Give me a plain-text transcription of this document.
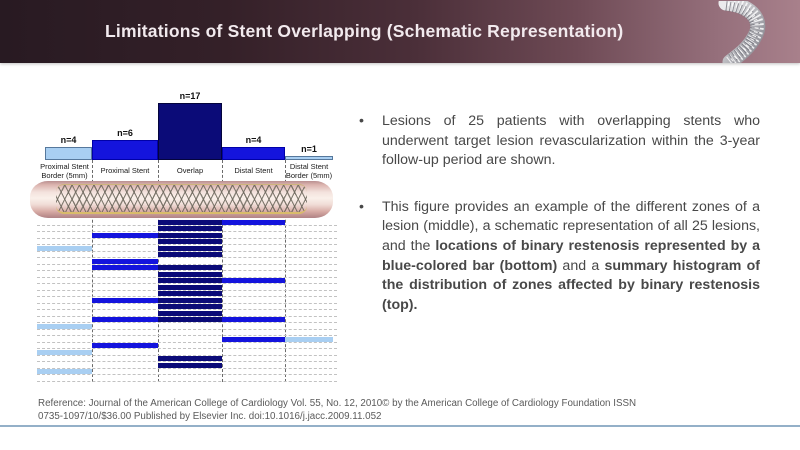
Limitations of Stent Overlapping (Schematic Representation)
n=4
n=6
n=17
n=4
n=1
Proximal Stent Border (5mm)	Proximal Stent	Overlap	Distal Stent	Distal Stent Border (5mm)
•	Lesions of 25 patients with overlapping stents who underwent target lesion revascularization within the 3-year follow-up period are shown.
•	This figure provides an example of the different zones of a lesion (middle), a schematic representation of all 25 lesions, and the locations of binary restenosis represented by a blue-colored bar (bottom) and a summary histogram of the distribution of zones affected by binary restenosis (top).
Reference: Journal of the American College of Cardiology Vol. 55, No. 12, 2010© by the American College of Cardiology Foundation ISSN
0735-1097/10/$36.00 Published by Elsevier Inc. doi:10.1016/j.jacc.2009.11.052
